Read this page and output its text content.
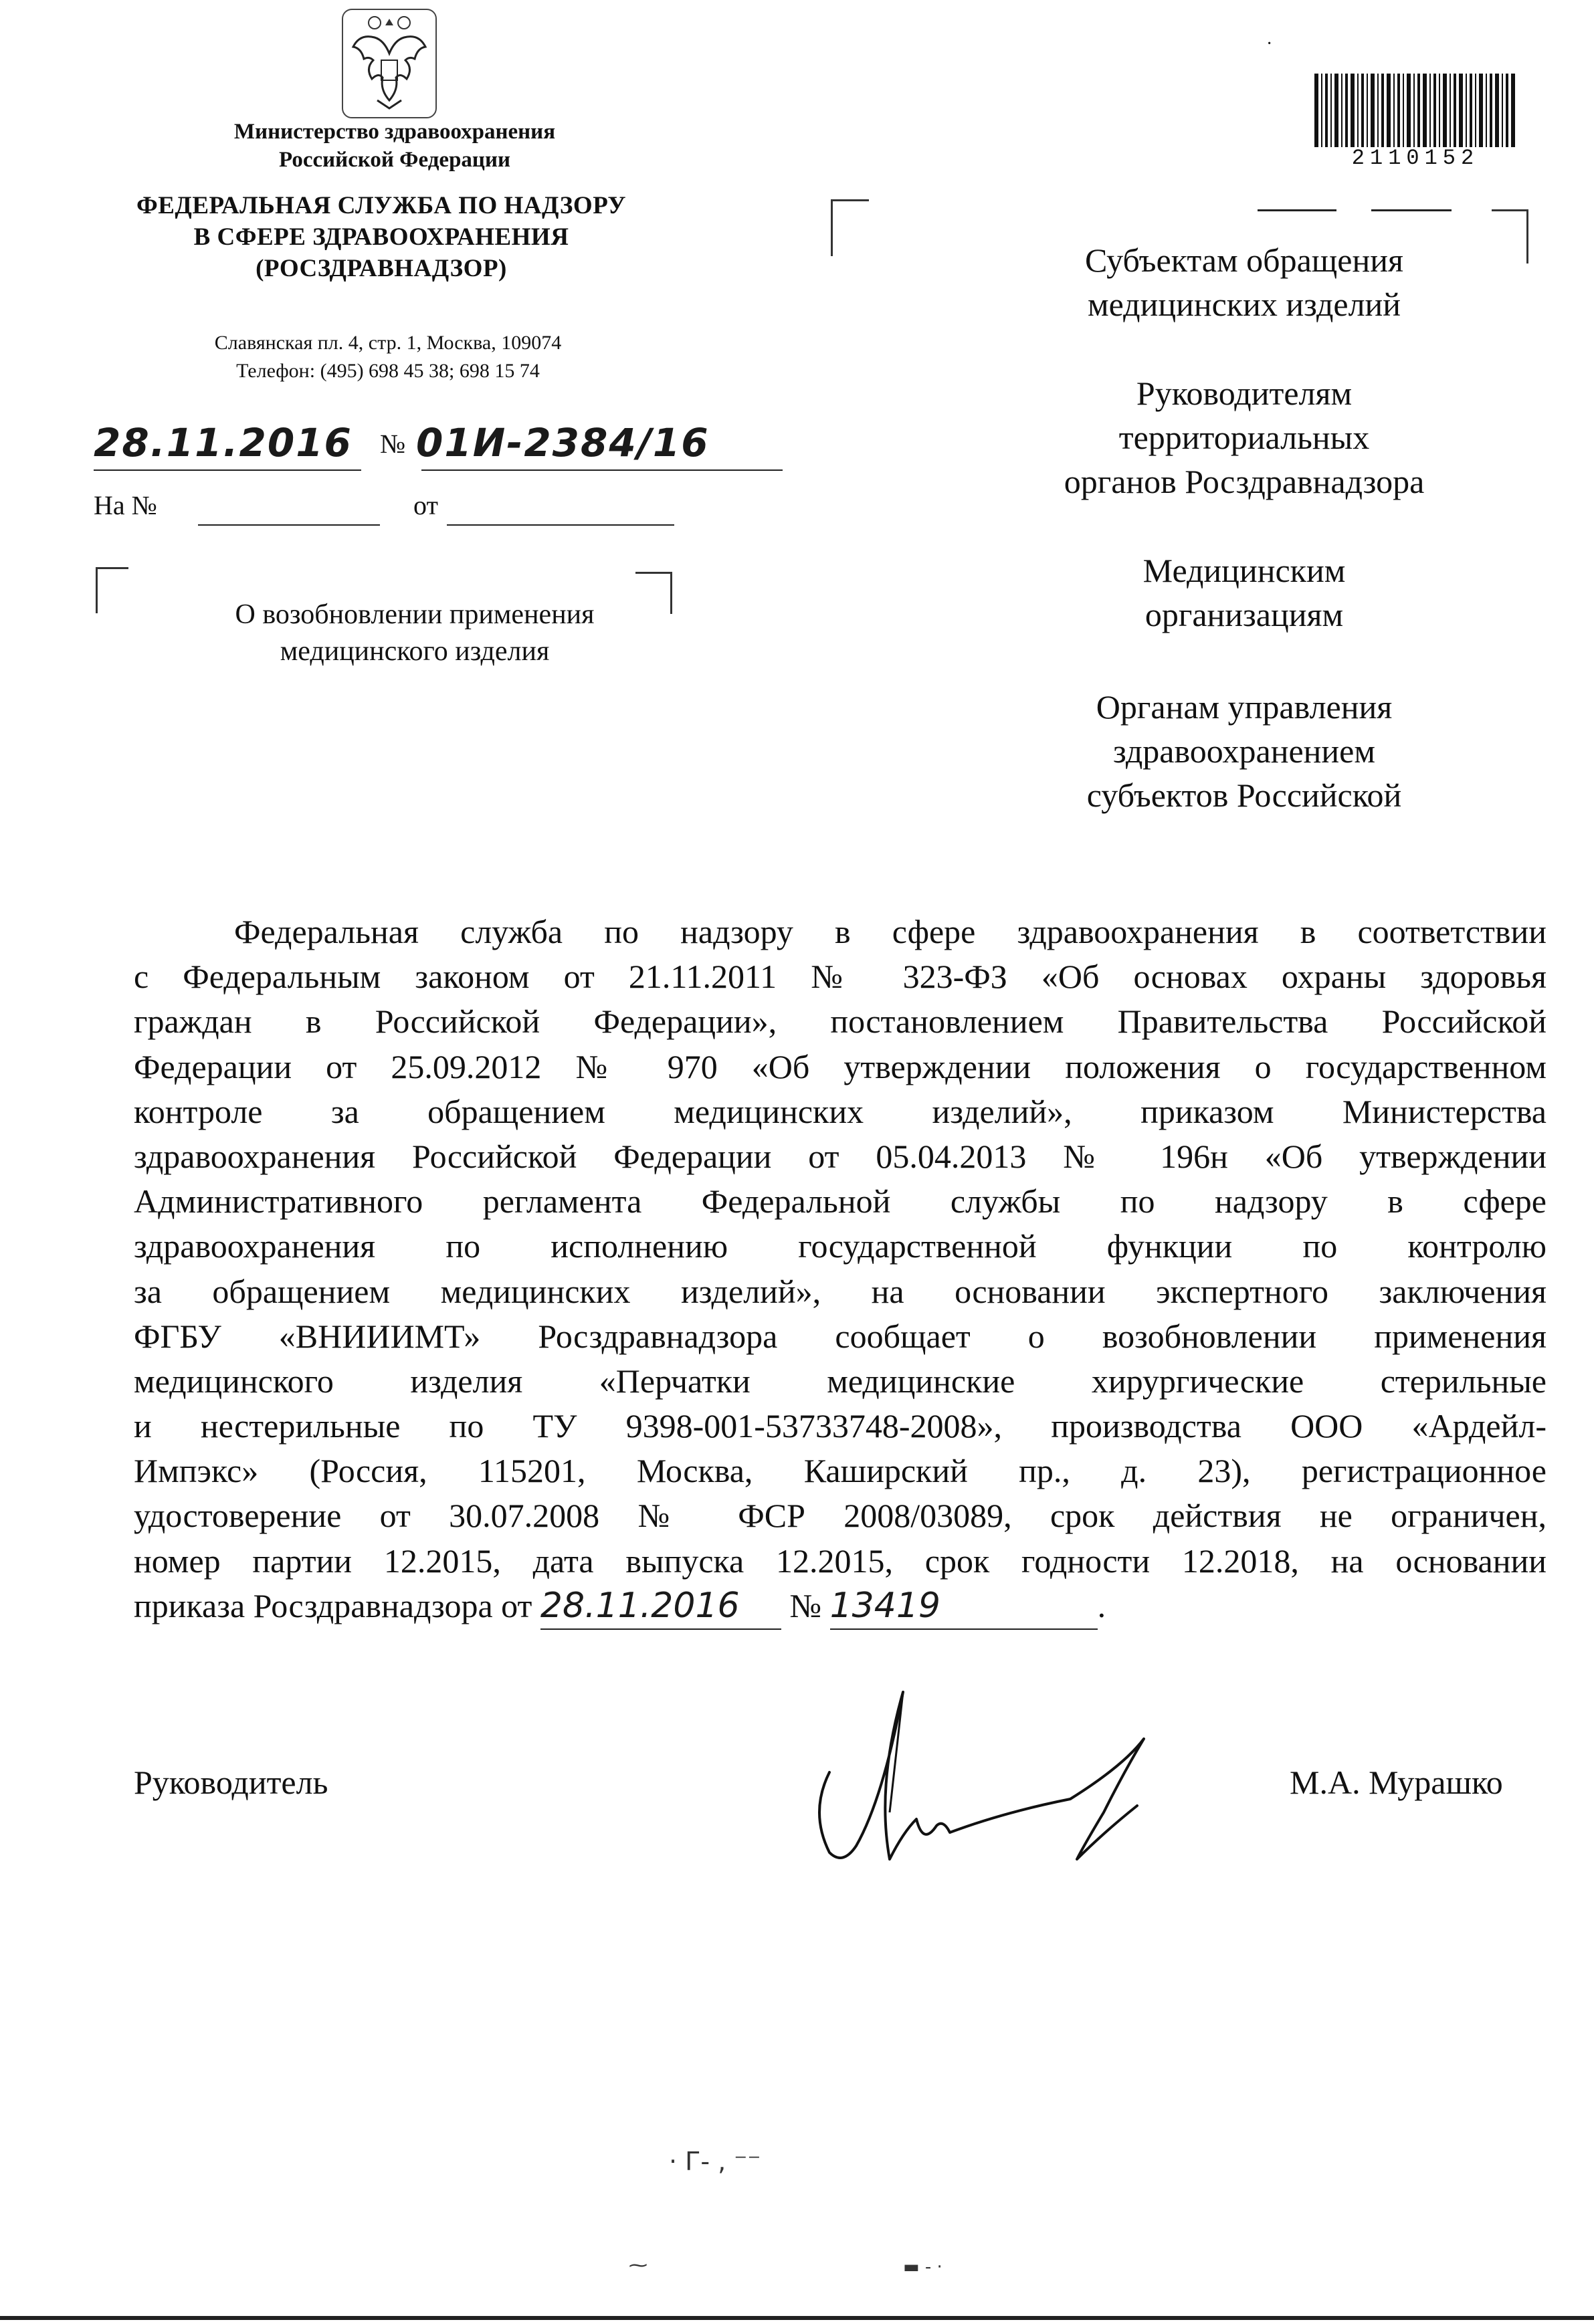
Министерство здравоохранения
Российской Федерации
ФЕДЕРАЛЬНАЯ СЛУЖБА ПО НАДЗОРУ
В СФЕРЕ ЗДРАВООХРАНЕНИЯ
(РОСЗДРАВНАДЗОР)
Славянская пл. 4, стр. 1, Москва, 109074
Телефон: (495) 698 45 38; 698 15 74
28.11.2016	№ 01И-2384/16
На №	от
О возобновлении применения
медицинского изделия
·
2110152
Субъектам обращения
медицинских изделий
Руководителям
территориальных
органов Росздравнадзора
Медицинским
организациям
Органам управления
здравоохранением
субъектов Российской
Федеральная служба по надзору в сфере здравоохранения в соответствии
с Федеральным законом от 21.11.2011 № 323-ФЗ «Об основах охраны здоровья
граждан в Российской Федерации», постановлением Правительства Российской
Федерации от 25.09.2012 № 970 «Об утверждении положения о государственном
контроле за обращением медицинских изделий», приказом Министерства
здравоохранения Российской Федерации от 05.04.2013 № 196н «Об утверждении
Административного регламента Федеральной службы по надзору в сфере
здравоохранения по исполнению государственной функции по контролю
за обращением медицинских изделий», на основании экспертного заключения
ФГБУ «ВНИИИМТ» Росздравнадзора сообщает о возобновлении применения
медицинского изделия «Перчатки медицинские хирургические стерильные
и нестерильные по ТУ 9398-001-53733748-2008», производства ООО «Ардейл-
Импэкс» (Россия, 115201, Москва, Каширский пр., д. 23), регистрационное
удостоверение от 30.07.2008 № ФСР 2008/03089, срок действия не ограничен,
номер партии 12.2015, дата выпуска 12.2015, срок годности 12.2018, на основании
приказа Росздравнадзора от 28.11.2016 № 13419	.
Руководитель	М.А. Мурашко
· Г- , ⁻⁻
⁓	▬ - ·
